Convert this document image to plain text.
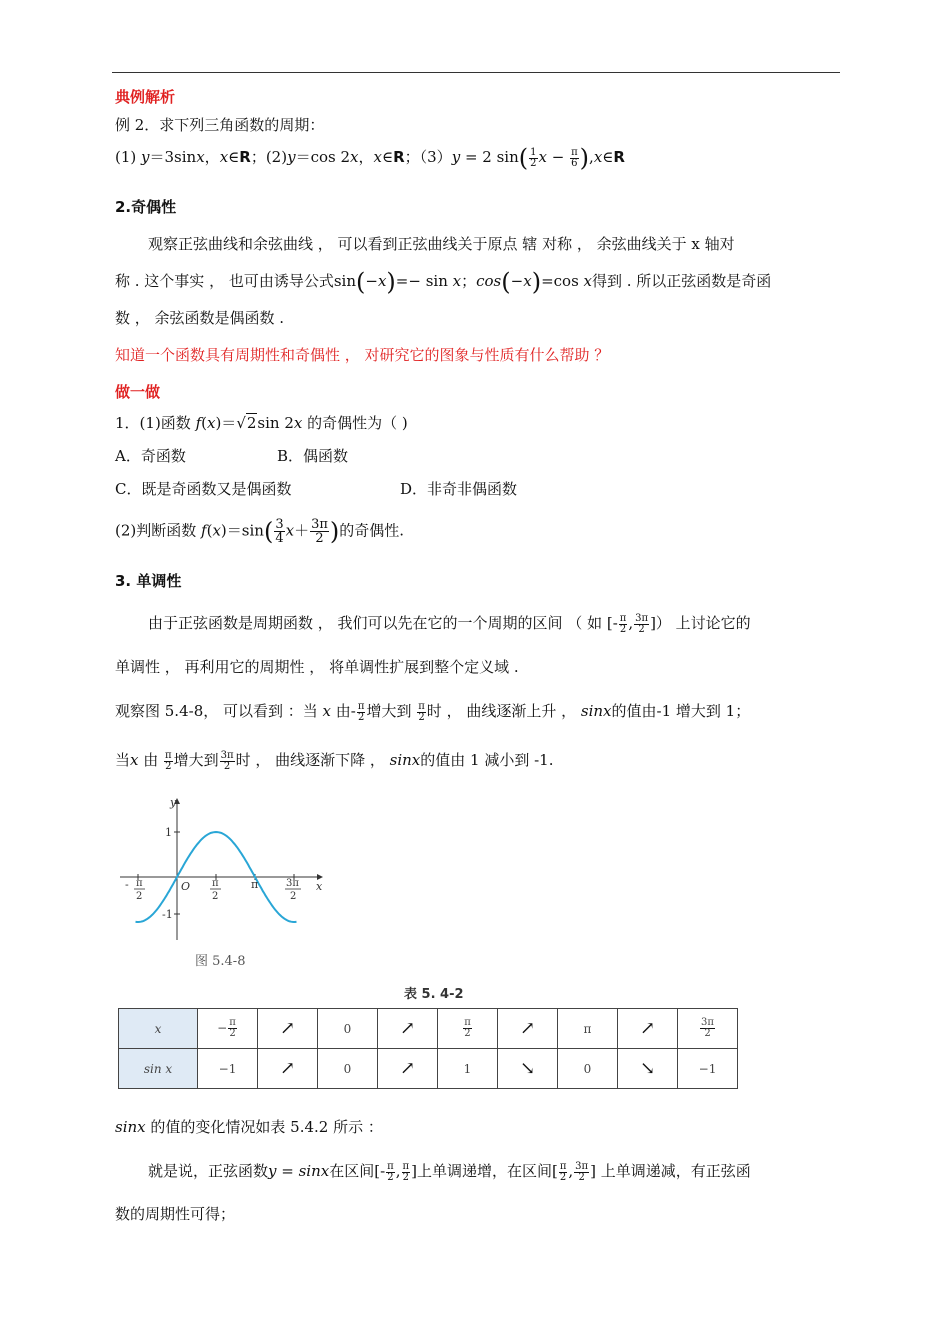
典例解析
例 2．求下列三角函数的周期：
(1) y＝3sinx，x∈R；(2)y＝cos 2x，x∈R；（3）y = 2 $\sin( \frac{1}{2}$ $x - \frac{\pi}{6}$ ),x∈R
2.奇偶性
观察正弦曲线和余弦曲线 ， 可以看到正弦曲线关于原点 辖 对称 ， 余弦曲线关于 x 轴对
称 . 这个事实 ， 也可由诱导公式sin(−x)=− sin x；cos(−x)=cos x得到 . 所以正弦函数是奇函
数 ， 余弦函数是偶函数 .
知道一个函数具有周期性和奇偶性 ， 对研究它的图象与性质有什么帮助 ？
做一做
1．(1)函数 f(x)＝√2sin 2x 的奇偶性为（ )
A．奇函数	B．偶函数
C．既是奇函数又是偶函数	D．非奇非偶函数
(2)判断函数 $f(x)=\sin( \frac{3}{4} x+ \frac{3\pi}{2}$ )的奇偶性.
3. 单调性
由于正弦函数是周期函数 ， 我们可以先在它的一个周期的区间 （ 如 [- $\frac{\pi}{2}$ , $\frac{3\pi}{2}$ ]） 上讨论它的
单调性 ， 再利用它的周期性 ， 将单调性扩展到整个定义域 .
观察图 5.4-8， 可以看到 ：当 x 由- $\frac{\pi}{2}$ 增大到 $\frac{\pi}{2}$ 时 ， 曲线逐渐上升 ， sinx的值由-1 增大到 1；
当x 由 $\frac{\pi}{2}$ 增大到 $\frac{3\pi}{2}$ 时 ， 曲线逐渐下降 ， sinx的值由 1 减小到 -1.
y
x
O
1
-1
π
- π
2
π
2
3π
2
图 5.4-8
表 5. 4-2
x	− $\frac{\pi}{2}$	↗	0	↗	$\frac{\pi}{2}$	↗	π	↗	$\frac{3\pi}{2}$

sin x	−1	↗	0	↗	1	↘	0	↘	−1
sinx 的值的变化情况如表 5.4.2 所示 ：
就是说，正弦函数y = sinx在区间[- $\frac{\pi}{2}$ , $\frac{\pi}{2}$ ]上单调递增，在区间[ $\frac{\pi}{2}$ , $\frac{3\pi}{2}$ ] 上单调递减，有正弦函
数的周期性可得；
